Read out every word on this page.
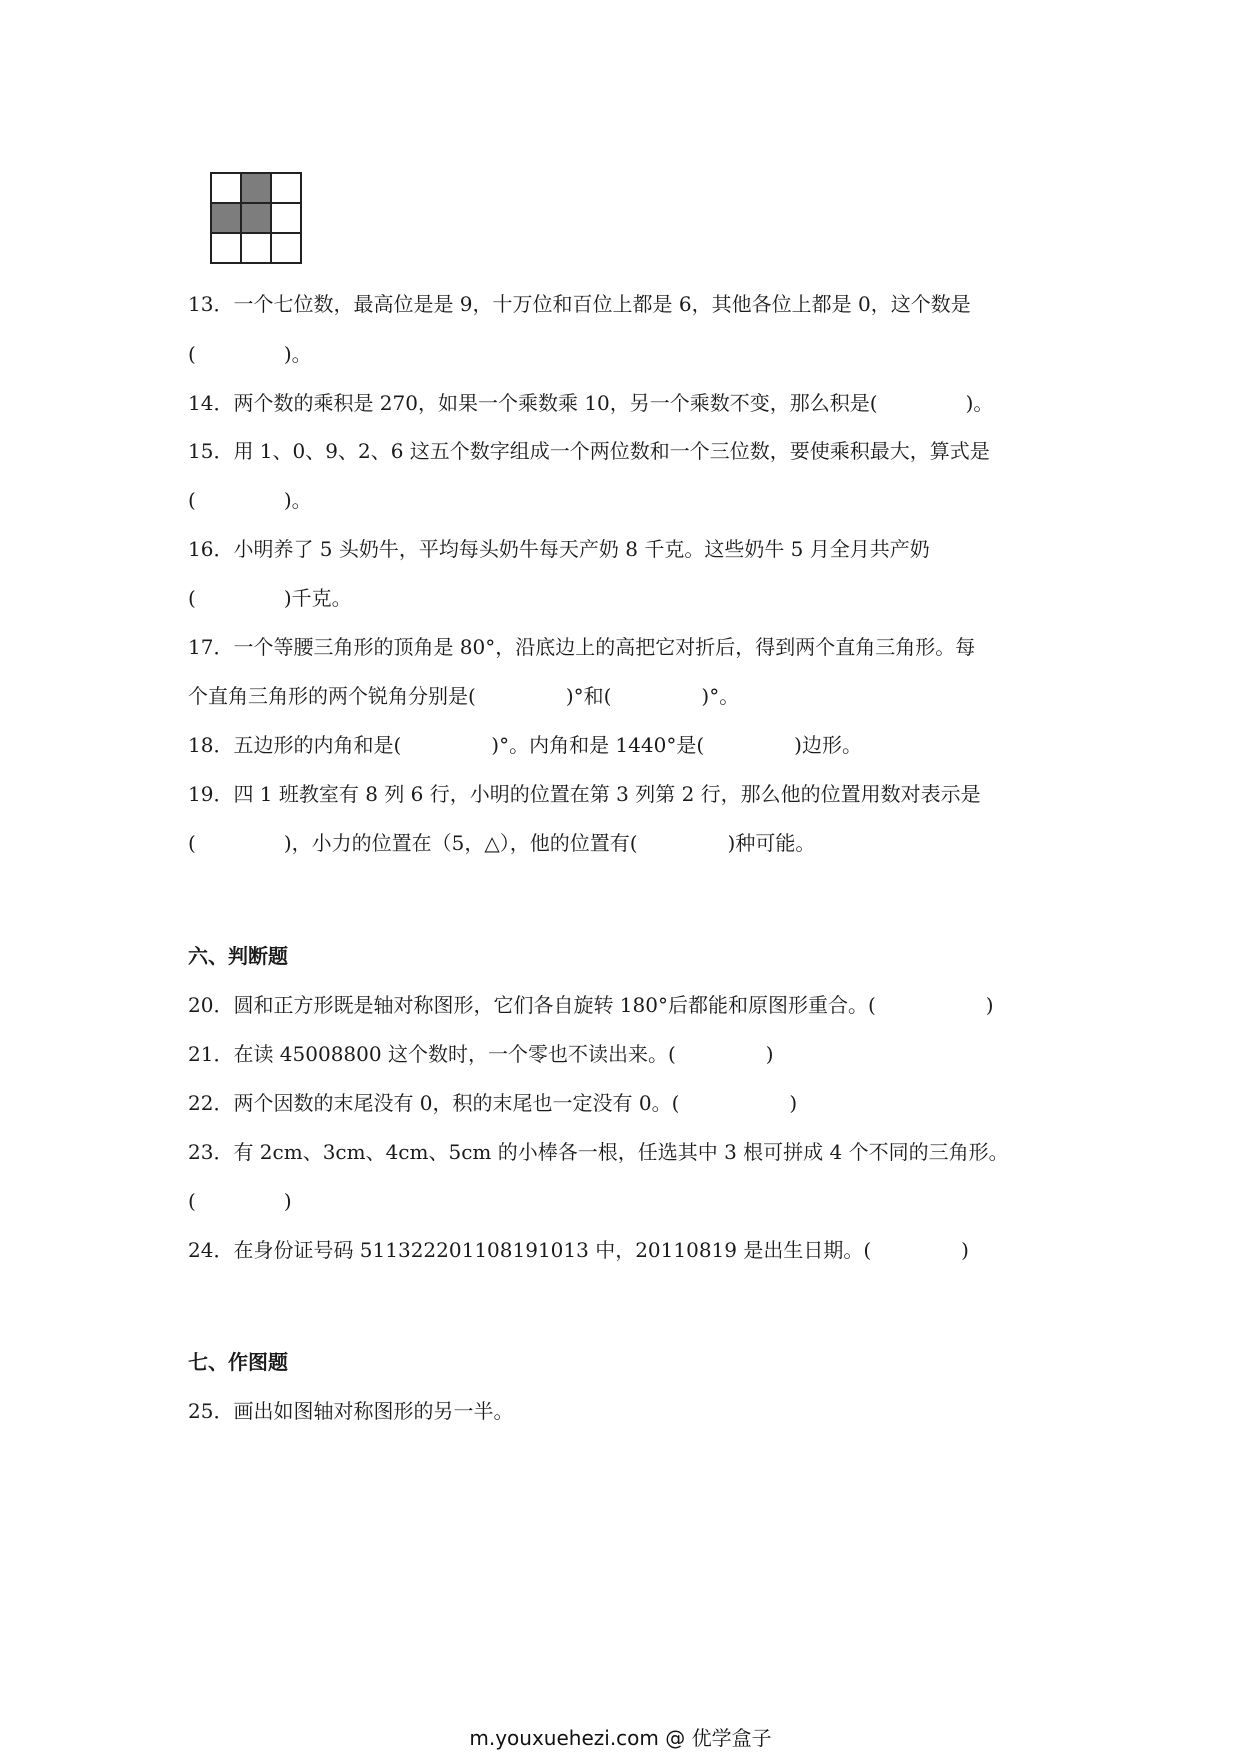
13．一个七位数，最高位是是 9，十万位和百位上都是 6，其他各位上都是 0，这个数是
(	)。
14．两个数的乘积是 270，如果一个乘数乘 10，另一个乘数不变，那么积是(	)。
15．用 1、0、9、2、6 这五个数字组成一个两位数和一个三位数，要使乘积最大，算式是
(	)。
16．小明养了 5 头奶牛，平均每头奶牛每天产奶 8 千克。这些奶牛 5 月全月共产奶
(	)千克。
17．一个等腰三角形的顶角是 80°，沿底边上的高把它对折后，得到两个直角三角形。每
个直角三角形的两个锐角分别是(	)°和(	)°。
18．五边形的内角和是(	)°。内角和是 1440°是(	)边形。
19．四 1 班教室有 8 列 6 行，小明的位置在第 3 列第 2 行，那么他的位置用数对表示是
(	)，小力的位置在（5，△），他的位置有(	)种可能。
六、判断题
20．圆和正方形既是轴对称图形，它们各自旋转 180°后都能和原图形重合。(	)
21．在读 45008800 这个数时，一个零也不读出来。(	)
22．两个因数的末尾没有 0，积的末尾也一定没有 0。(	)
23．有 2cm、3cm、4cm、5cm 的小棒各一根，任选其中 3 根可拼成 4 个不同的三角形。
(	)
24．在身份证号码 511322201108191013 中，20110819 是出生日期。(	)
七、作图题
25．画出如图轴对称图形的另一半。
m.youxuehezi.com @ 优学盒子
